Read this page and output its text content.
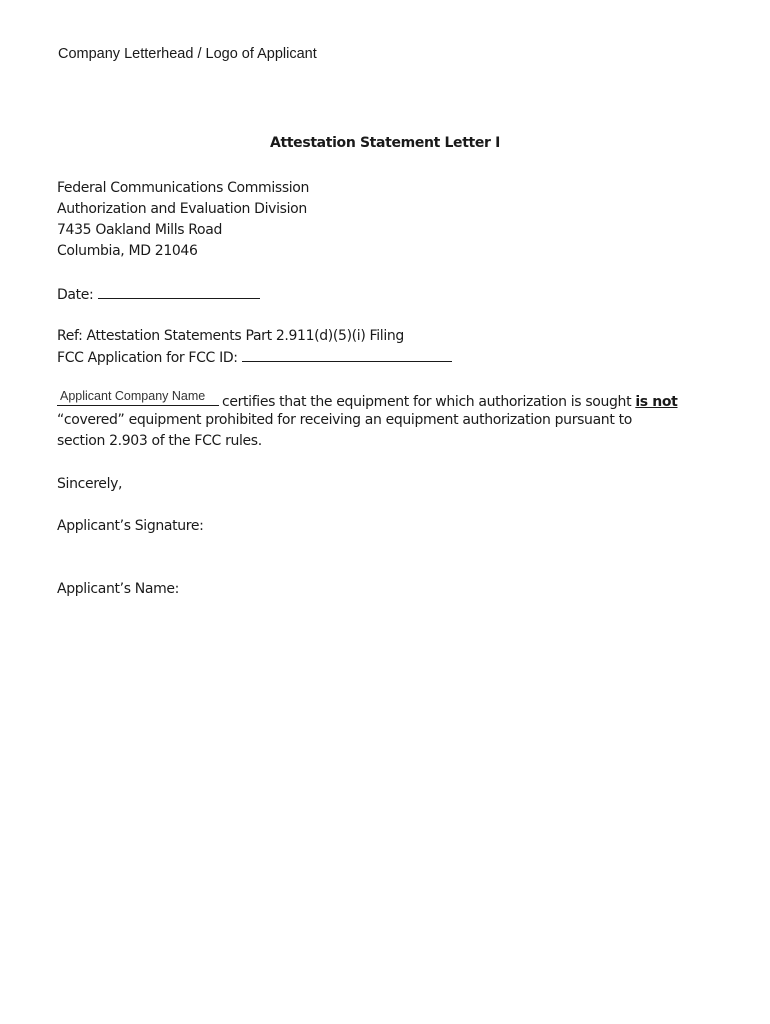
Company Letterhead / Logo of Applicant
Attestation Statement Letter I
Federal Communications Commission
Authorization and Evaluation Division
7435 Oakland Mills Road
Columbia, MD 21046
Date:
Ref: Attestation Statements Part 2.911(d)(5)(i) Filing
FCC Application for FCC ID:
Applicant Company Name certifies that the equipment for which authorization is sought is not
“covered” equipment prohibited for receiving an equipment authorization pursuant to
section 2.903 of the FCC rules.
Sincerely,
Applicant’s Signature:
Applicant’s Name:
